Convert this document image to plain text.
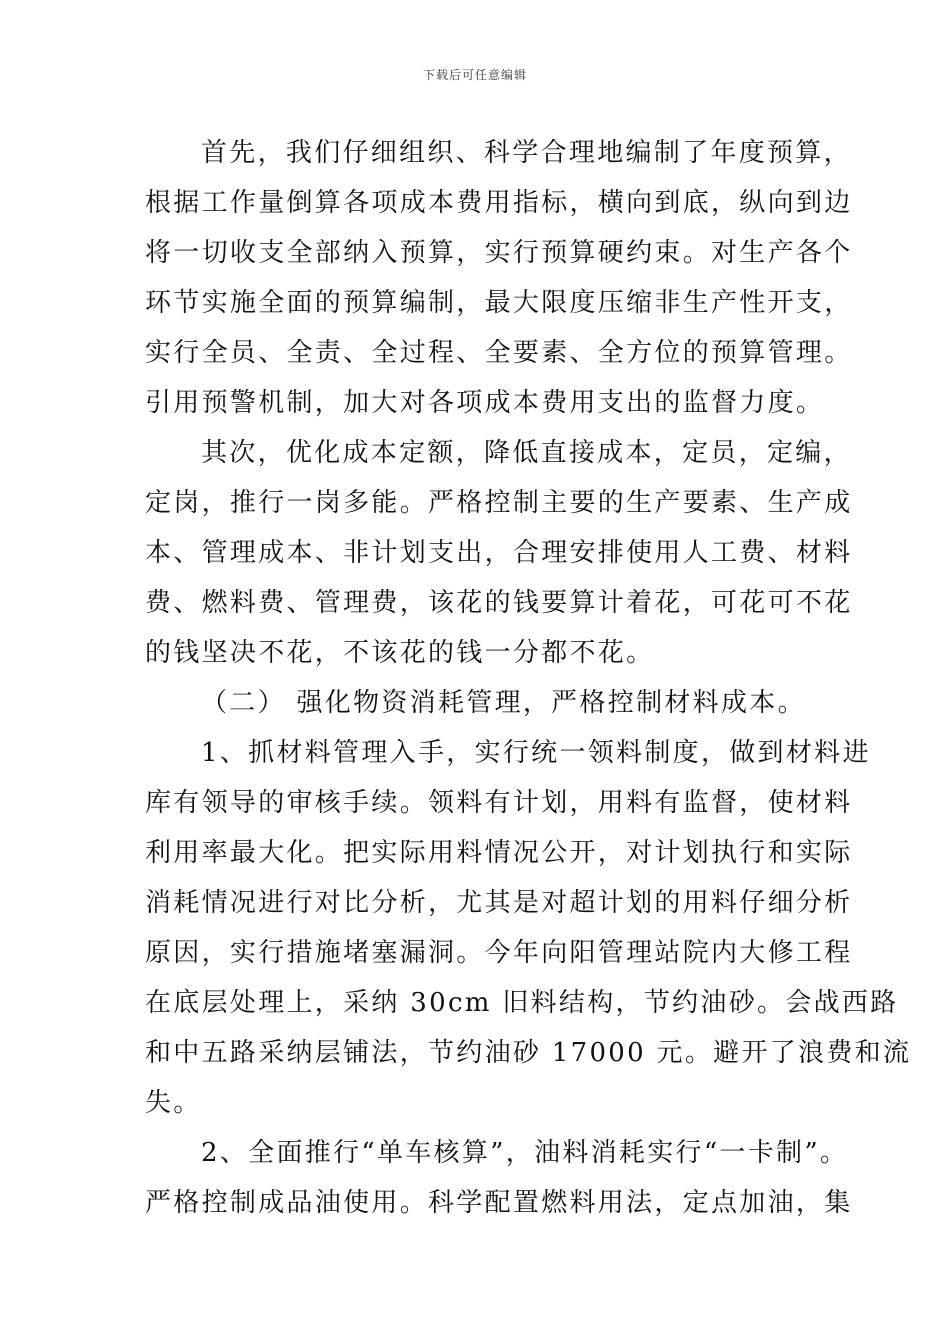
下载后可任意编辑

首先，我们仔细组织、科学合理地编制了年度预算，
根据工作量倒算各项成本费用指标，横向到底，纵向到边
将一切收支全部纳入预算，实行预算硬约束。对生产各个
环节实施全面的预算编制，最大限度压缩非生产性开支，
实行全员、全责、全过程、全要素、全方位的预算管理。
引用预警机制，加大对各项成本费用支出的监督力度。

其次，优化成本定额，降低直接成本，定员，定编，
定岗，推行一岗多能。严格控制主要的生产要素、生产成
本、管理成本、非计划支出，合理安排使用人工费、材料
费、燃料费、管理费，该花的钱要算计着花，可花可不花
的钱坚决不花，不该花的钱一分都不花。

（二） 强化物资消耗管理，严格控制材料成本。

1、抓材料管理入手，实行统一领料制度，做到材料进
库有领导的审核手续。领料有计划，用料有监督，使材料
利用率最大化。把实际用料情况公开，对计划执行和实际
消耗情况进行对比分析，尤其是对超计划的用料仔细分析
原因，实行措施堵塞漏洞。今年向阳管理站院内大修工程
在底层处理上，采纳 30cm 旧料结构，节约油砂。会战西路
和中五路采纳层铺法，节约油砂 17000 元。避开了浪费和流
失。

2、全面推行“单车核算”，油料消耗实行“一卡制”。
严格控制成品油使用。科学配置燃料用法，定点加油，集
